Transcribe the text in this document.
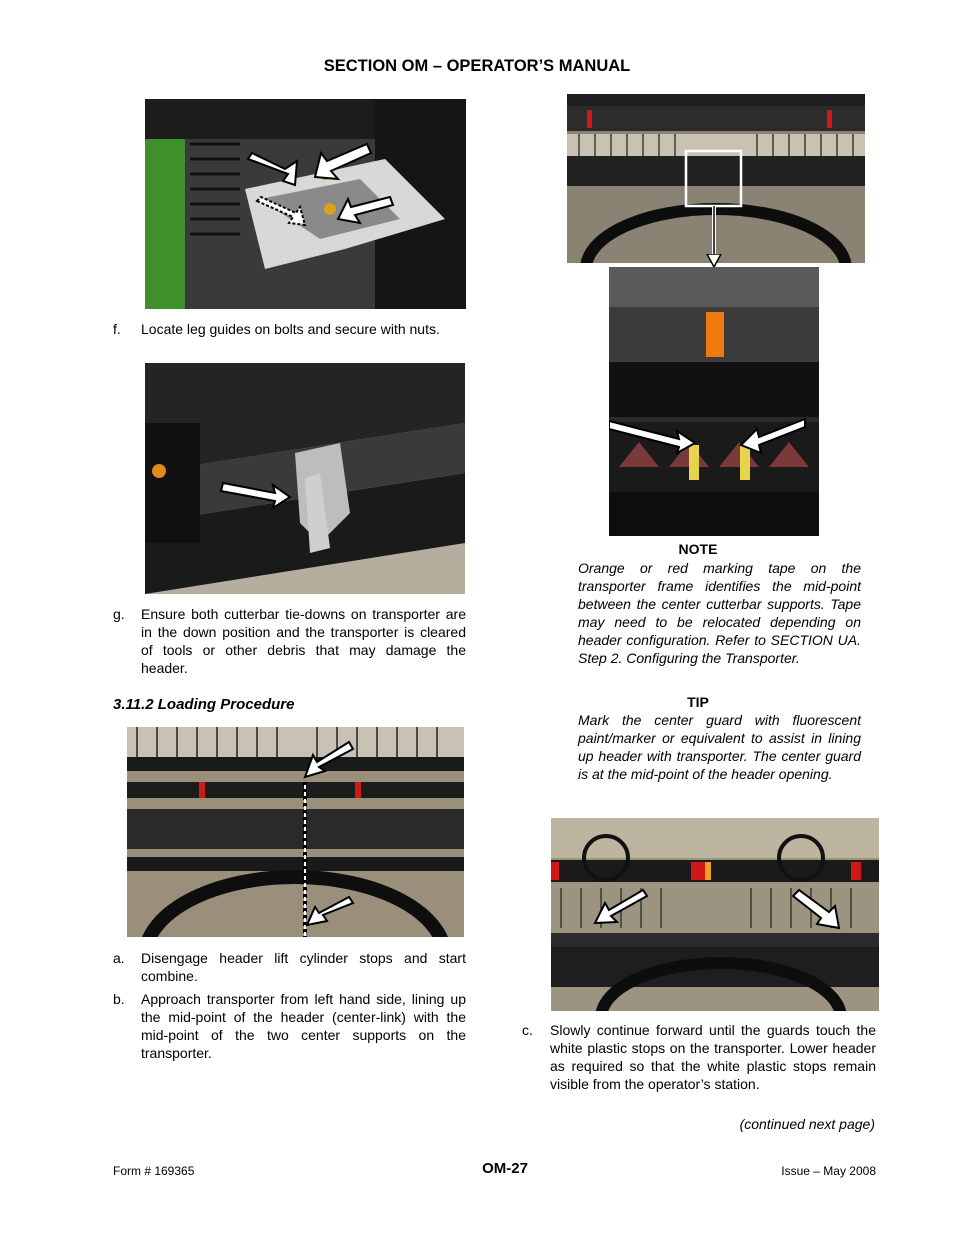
SECTION OM – OPERATOR’S MANUAL
f. Locate leg guides on bolts and secure with nuts.
g. Ensure both cutterbar tie-downs on transporter are in the down position and the transporter is cleared of tools or other debris that may damage the header.
3.11.2 Loading Procedure
a. Disengage header lift cylinder stops and start combine.
b. Approach transporter from left hand side, lining up the mid-point of the header (center-link) with the mid-point of the two center supports on the transporter.
NOTE
Orange or red marking tape on the transporter frame identifies the mid-point between the center cutterbar supports. Tape may need to be relocated depending on header configuration. Refer to SECTION UA. Step 2. Configuring the Transporter.
TIP
Mark the center guard with fluorescent paint/marker or equivalent to assist in lining up header with transporter. The center guard is at the mid-point of the header opening.
c. Slowly continue forward until the guards touch the white plastic stops on the transporter. Lower header as required so that the white plastic stops remain visible from the operator’s station.
(continued next page)
Form # 169365	OM-27	Issue – May 2008
